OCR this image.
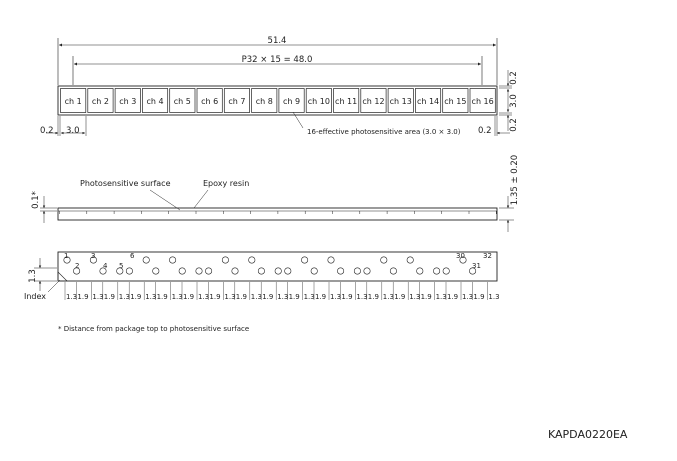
51.4
P32 × 15 = 48.0
ch 1 ch 2 ch 3 ch 4 ch 5 ch 6 ch 7 ch 8 ch 9 ch 10 ch 11 ch 12 ch 13 ch 14 ch 15 ch 16
0.2
3.0
0.2
0.2 3.0	0.2
16-effective photosensitive area (3.0 × 3.0)
Photosensitive surface	Epoxy resin
0.1*	1.35 ± 0.20
1
2
3
4 5
6	30
31
32
Index
1.3
1.3 1.9 1.3 1.9 1.3 1.9 1.3 1.9 1.3 1.9 1.3 1.9 1.3 1.9 1.3 1.9 1.3 1.9 1.3 1.9 1.3 1.9 1.3 1.9 1.3 1.9 1.3 1.9 1.3 1.9 1.3 1.9 1.3
* Distance from package top to photosensitive surface
KAPDA0220EA
